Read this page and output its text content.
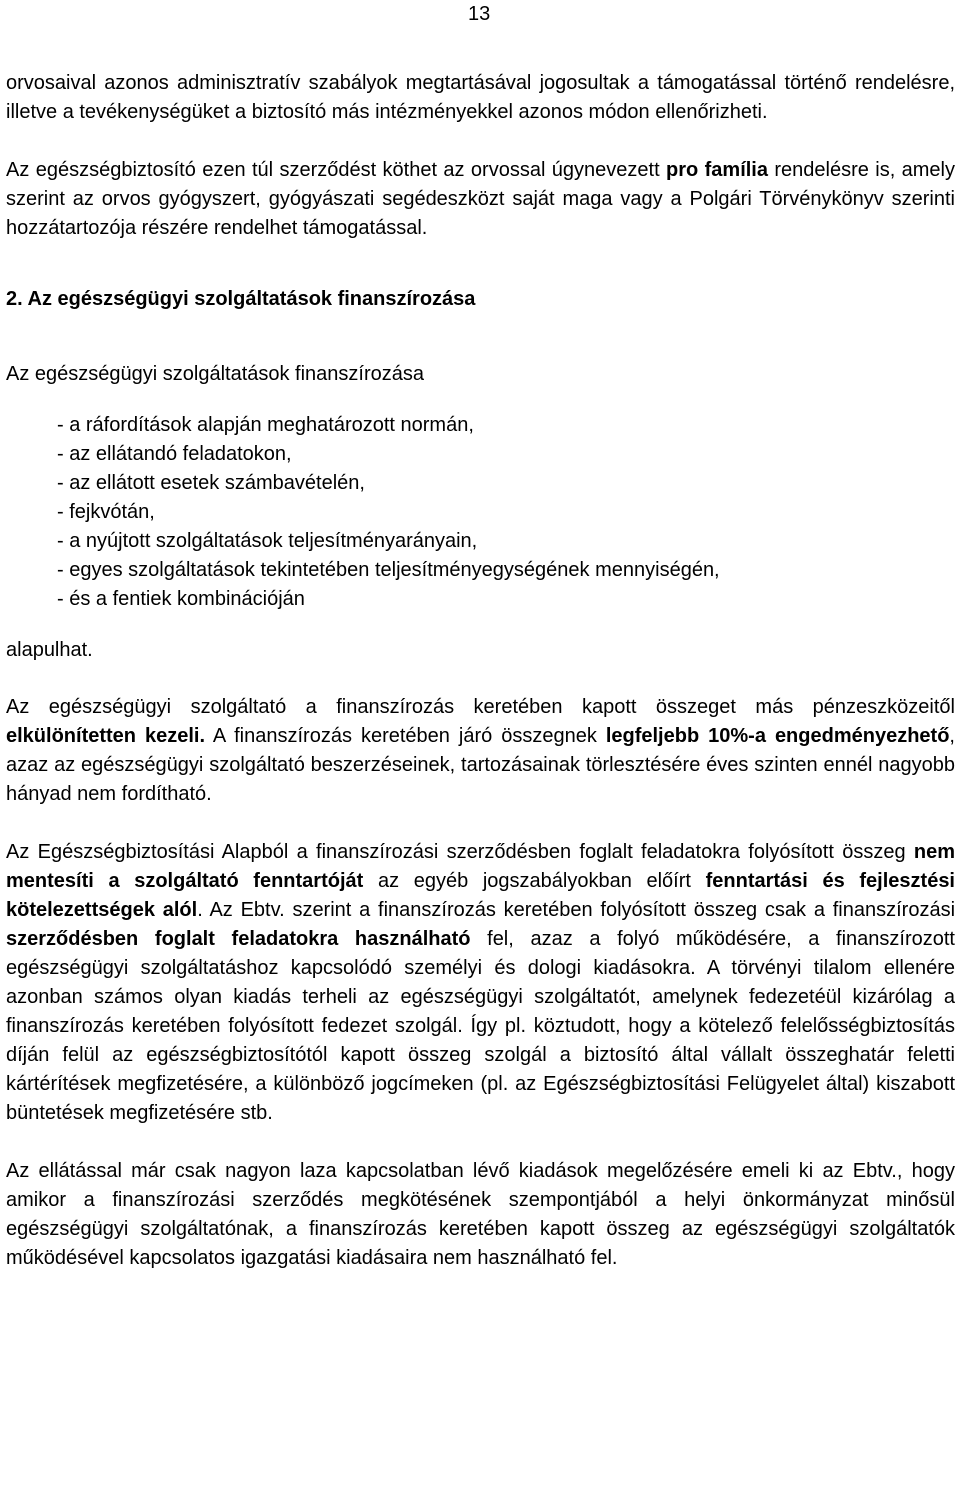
13

orvosaival azonos adminisztratív szabályok megtartásával jogosultak a támogatással történő rendelésre, illetve a tevékenységüket a biztosító más intézményekkel azonos módon ellenőrizheti.

Az egészségbiztosító ezen túl szerződést köthet az orvossal úgynevezett pro família rendelésre is, amely szerint az orvos gyógyszert, gyógyászati segédeszközt saját maga vagy a Polgári Törvénykönyv szerinti hozzátartozója részére rendelhet támogatással.

2. Az egészségügyi szolgáltatások finanszírozása

Az egészségügyi szolgáltatások finanszírozása

- a ráfordítások alapján meghatározott normán,
- az ellátandó feladatokon,
- az ellátott esetek számbavételén,
- fejkvótán,
- a nyújtott szolgáltatások teljesítményarányain,
- egyes szolgáltatások tekintetében teljesítményegységének mennyiségén,
- és a fentiek kombinációján

alapulhat.

Az egészségügyi szolgáltató a finanszírozás keretében kapott összeget más pénzeszközeitől elkülönítetten kezeli. A finanszírozás keretében járó összegnek legfeljebb 10%-a engedményezhető, azaz az egészségügyi szolgáltató beszerzéseinek, tartozásainak törlesztésére éves szinten ennél nagyobb hányad nem fordítható.

Az Egészségbiztosítási Alapból a finanszírozási szerződésben foglalt feladatokra folyósított összeg nem mentesíti a szolgáltató fenntartóját az egyéb jogszabályokban előírt fenntartási és fejlesztési kötelezettségek alól. Az Ebtv. szerint a finanszírozás keretében folyósított összeg csak a finanszírozási szerződésben foglalt feladatokra használható fel, azaz a folyó működésére, a finanszírozott egészségügyi szolgáltatáshoz kapcsolódó személyi és dologi kiadásokra. A törvényi tilalom ellenére azonban számos olyan kiadás terheli az egészségügyi szolgáltatót, amelynek fedezetéül kizárólag a finanszírozás keretében folyósított fedezet szolgál. Így pl. köztudott, hogy a kötelező felelősségbiztosítás díján felül az egészségbiztosítótól kapott összeg szolgál a biztosító által vállalt összeghatár feletti kártérítések megfizetésére, a különböző jogcímeken (pl. az Egészségbiztosítási Felügyelet által) kiszabott büntetések megfizetésére stb.

Az ellátással már csak nagyon laza kapcsolatban lévő kiadások megelőzésére emeli ki az Ebtv., hogy amikor a finanszírozási szerződés megkötésének szempontjából a helyi önkormányzat minősül egészségügyi szolgáltatónak, a finanszírozás keretében kapott összeg az egészségügyi szolgáltatók működésével kapcsolatos igazgatási kiadásaira nem használható fel.
